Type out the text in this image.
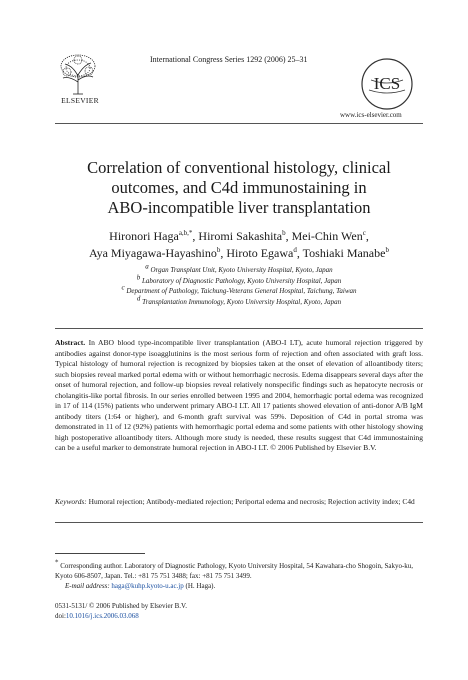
ELSEVIER
International Congress Series 1292 (2006) 25–31
ICS
www.ics-elsevier.com
Correlation of conventional histology, clinical
outcomes, and C4d immunostaining in
ABO-incompatible liver transplantation
Hironori Haga$^{a,b,*}$, Hiromi Sakashita$^b$, Mei-Chin Wen$^c$,
Aya Miyagawa-Hayashino$^b$, Hiroto Egawa$^d$, Toshiaki Manabe$^b$
a Organ Transplant Unit, Kyoto University Hospital, Kyoto, Japan
b Laboratory of Diagnostic Pathology, Kyoto University Hospital, Japan
c Department of Pathology, Taichung-Veterans General Hospital, Taichung, Taiwan
d Transplantation Immunology, Kyoto University Hospital, Kyoto, Japan
Abstract. In ABO blood type-incompatible liver transplantation (ABO-I LT), acute humoral rejection triggered by antibodies against donor-type isoagglutinins is the most serious form of rejection and often associated with graft loss. Typical histology of humoral rejection is recognized by biopsies taken at the onset of elevation of alloantibody titers; such biopsies reveal marked portal edema with or without hemorrhagic necrosis. Edema disappears several days after the onset of humoral rejection, and follow-up biopsies reveal relatively nonspecific findings such as hepatocyte necrosis or cholangitis-like portal fibrosis. In our series enrolled between 1995 and 2004, hemorrhagic portal edema was recognized in 17 of 114 (15%) patients who underwent primary ABO-I LT. All 17 patients showed elevation of anti-donor A/B IgM antibody titers (1:64 or higher), and 6-month graft survival was 59%. Deposition of C4d in portal stroma was demonstrated in 11 of 12 (92%) patients with hemorrhagic portal edema and some patients with other histology showing high postoperative alloantibody titers. Although more study is needed, these results suggest that C4d immunostaining can be a useful marker to demonstrate humoral rejection in ABO-I LT. © 2006 Published by Elsevier B.V.
Keywords: Humoral rejection; Antibody-mediated rejection; Periportal edema and necrosis; Rejection activity index; C4d
* Corresponding author. Laboratory of Diagnostic Pathology, Kyoto University Hospital, 54 Kawahara-cho Shogoin, Sakyo-ku, Kyoto 606-8507, Japan. Tel.: +81 75 751 3488; fax: +81 75 751 3499.
E-mail address: haga@kuhp.kyoto-u.ac.jp (H. Haga).
0531-5131/ © 2006 Published by Elsevier B.V.
doi:10.1016/j.ics.2006.03.068
